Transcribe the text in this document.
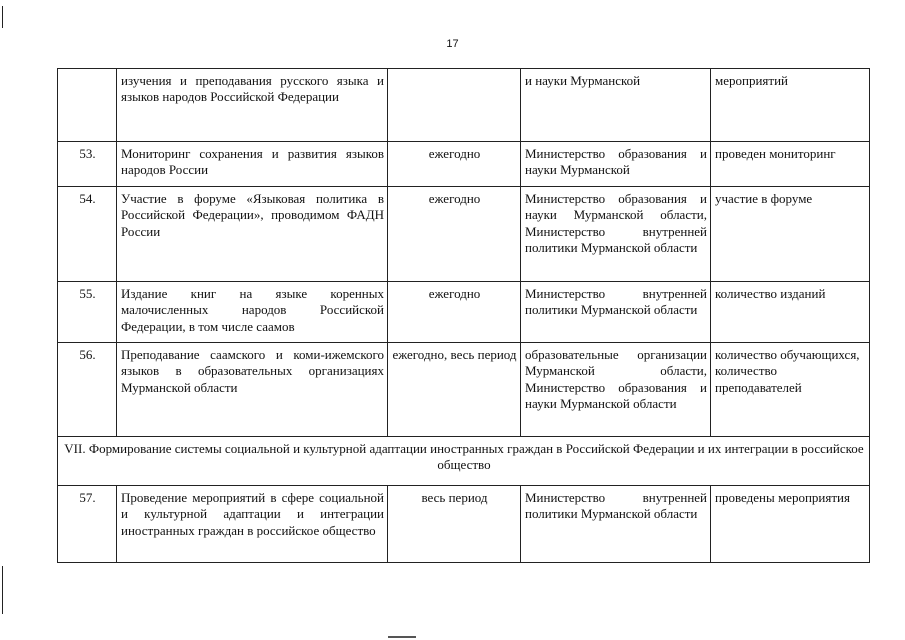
17
	изучения и преподавания русского языка и языков народов Российской Федерации		и науки Мурманской	мероприятий
53.	Мониторинг сохранения и развития языков народов России	ежегодно	Министерство образования и науки Мурманской	проведен мониторинг
54.	Участие в форуме «Языковая политика в Российской Федерации», проводимом ФАДН России	ежегодно	Министерство образования и науки Мурманской области, Министерство внутренней политики Мурманской области	участие в форуме
55.	Издание книг на языке коренных малочисленных народов Российской Федерации, в том числе саамов	ежегодно	Министерство внутренней политики Мурманской области	количество изданий
56.	Преподавание саамского и коми-ижемского языков в образовательных организациях Мурманской области	ежегодно, весь период	образовательные организации Мурманской области, Министерство образования и науки Мурманской области	количество обучающихся, количество преподавателей
VII. Формирование системы социальной и культурной адаптации иностранных граждан в Российской Федерации и их интеграции в российское общество				
57.	Проведение мероприятий в сфере социальной и культурной адаптации и интеграции иностранных граждан в российское общество	весь период	Министерство внутренней политики Мурманской области	проведены мероприятия
